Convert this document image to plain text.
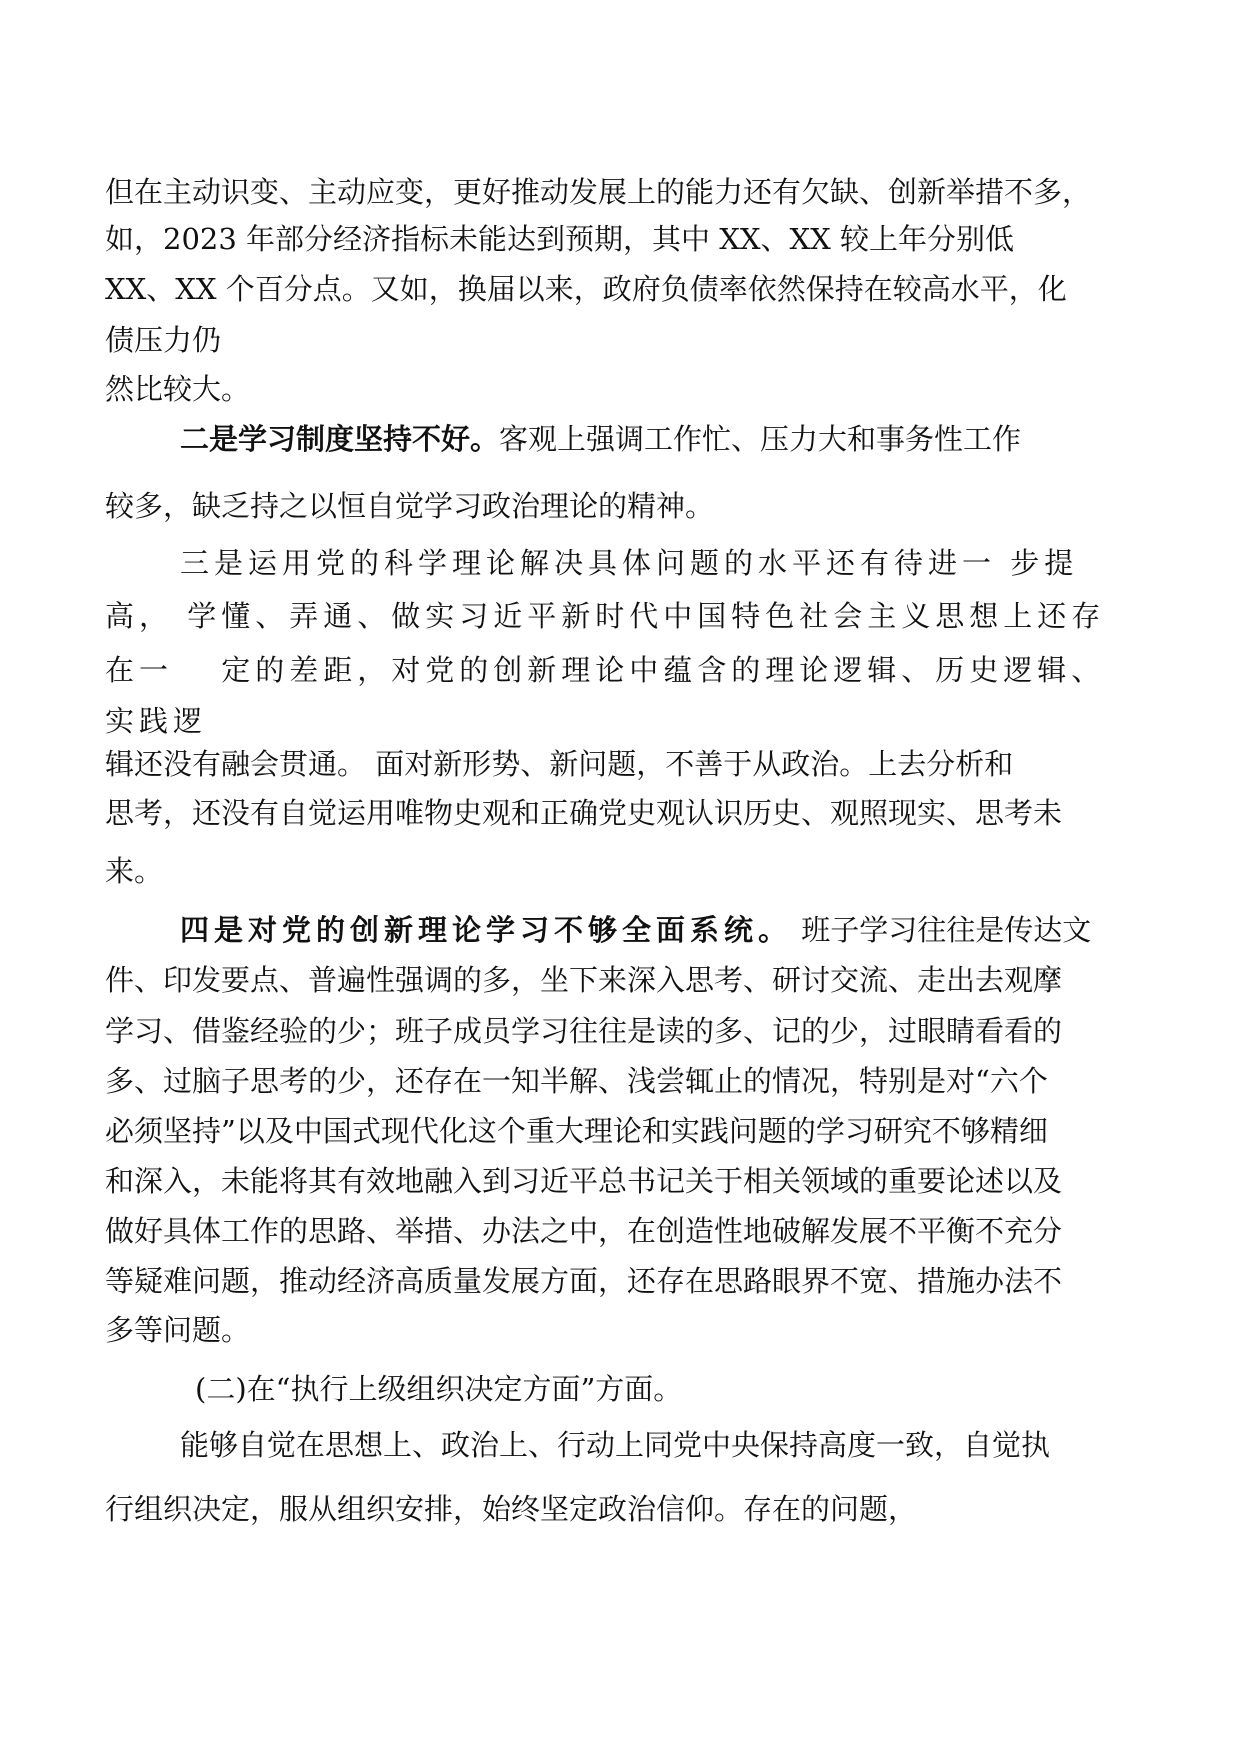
但在主动识变、主动应变，更好推动发展上的能力还有欠缺、创新举措不多，
如，2023 年部分经济指标未能达到预期，其中 XX、XX 较上年分别低
XX、XX 个百分点。又如，换届以来，政府负债率依然保持在较高水平，化
债压力仍
然比较大。
二是学习制度坚持不好。客观上强调工作忙、压力大和事务性工作
较多，缺乏持之以恒自觉学习政治理论的精神。
三是运用党的科学理论解决具体问题的水平还有待进一 步提
高， 学懂、弄通、做实习近平新时代中国特色社会主义思想上还存
在一　 定的差距，对党的创新理论中蕴含的理论逻辑、历史逻辑、
实践逻
辑还没有融会贯通。 面对新形势、新问题，不善于从政治。上去分析和
思考，还没有自觉运用唯物史观和正确党史观认识历史、观照现实、思考未
来。
四是对党的创新理论学习不够全面系统。 班子学习往往是传达文
件、印发要点、普遍性强调的多，坐下来深入思考、研讨交流、走出去观摩
学习、借鉴经验的少；班子成员学习往往是读的多、记的少，过眼睛看看的
多、过脑子思考的少，还存在一知半解、浅尝辄止的情况，特别是对“六个
必须坚持”以及中国式现代化这个重大理论和实践问题的学习研究不够精细
和深入，未能将其有效地融入到习近平总书记关于相关领域的重要论述以及
做好具体工作的思路、举措、办法之中，在创造性地破解发展不平衡不充分
等疑难问题，推动经济高质量发展方面，还存在思路眼界不宽、措施办法不
多等问题。
(二)在“执行上级组织决定方面”方面。
能够自觉在思想上、政治上、行动上同党中央保持高度一致，自觉执
行组织决定，服从组织安排，始终坚定政治信仰。存在的问题，
